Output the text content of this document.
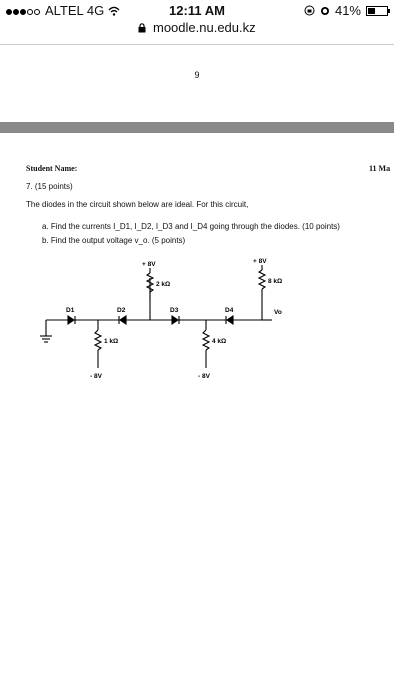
ALTEL 4G	12:11 AM	41%
moodle.nu.edu.kz
9
Student Name:	11 Ma
7. (15 points)
The diodes in the circuit shown below are ideal. For this circuit,
a. Find the currents I_D1, I_D2, I_D3 and I_D4 going through the diodes. (10 points)
b. Find the output voltage v_o. (5 points)
+ 8V	+ 8V
2 kΩ	8 kΩ
D1	D2	D3	D4	Vo
1 kΩ	4 kΩ
- 8V	- 8V
